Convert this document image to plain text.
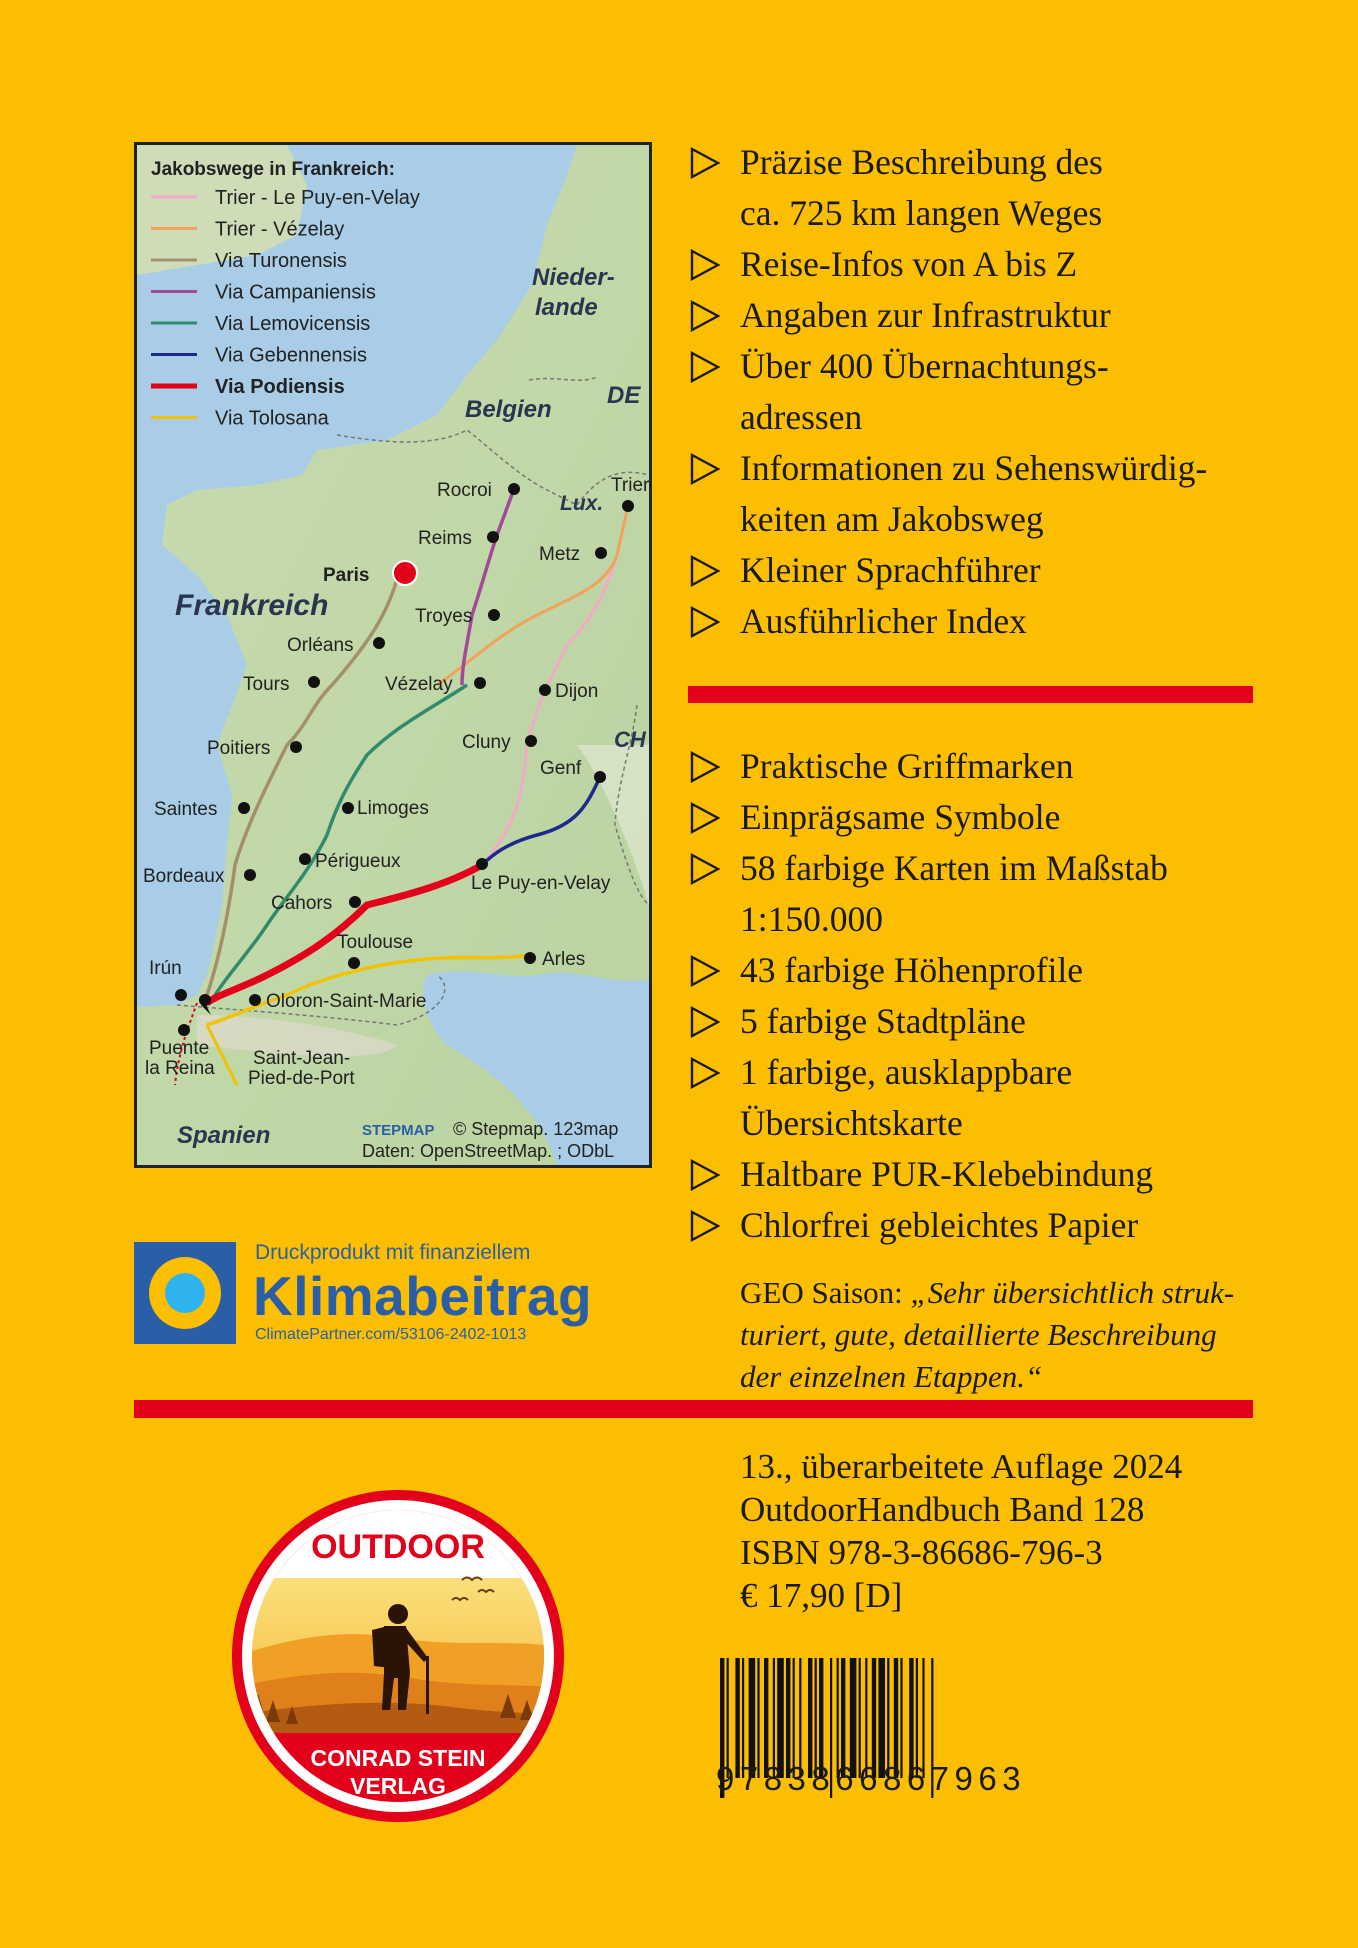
Jakobswege in Frankreich:
Trier - Le Puy-en-Velay
Trier - Vézelay
Via Turonensis
Via Campaniensis
Via Lemovicensis
Via Gebennensis
Via Podiensis
Via Tolosana
Nieder-
lande
Belgien
DE
Lux.
Frankreich
CH
Spanien
Rocroi	Trier
Reims
Metz
Paris
Troyes
Orléans
Tours	Vézelay	Dijon
Poitiers	Cluny
Genf
Saintes	Limoges
Périgueux
Bordeaux	Le Puy-en-Velay
Cahors
Toulouse
Irún	Arles
Oloron-Saint-Marie
Puente
la Reina Saint-Jean-
Pied-de-Port
STEPMAP © Stepmap. 123map
Daten: OpenStreetMap. ; ODbL
Präzise Beschreibung des
ca. 725 km langen Weges
Reise-Infos von A bis Z
Angaben zur Infrastruktur
Über 400 Übernachtungs-
adressen
Informationen zu Sehenswürdig-
keiten am Jakobsweg
Kleiner Sprachführer
Ausführlicher Index
Praktische Griffmarken
Einprägsame Symbole
58 farbige Karten im Maßstab
1:150.000
43 farbige Höhenprofile
5 farbige Stadtpläne
1 farbige, ausklappbare
Übersichtskarte
Haltbare PUR-Klebebindung
Chlorfrei gebleichtes Papier
Druckprodukt mit finanziellem
Klimabeitrag
ClimatePartner.com/53106-2402-1013
GEO Saison: „Sehr übersichtlich struk-
turiert, gute, detaillierte Beschreibung
der einzelnen Etappen.“
13., überarbeitete Auflage 2024
OutdoorHandbuch Band 128
ISBN 978-3-86686-796-3
€ 17,90 [D]
9783866867963
OUTDOOR
CONRAD STEIN
VERLAG
